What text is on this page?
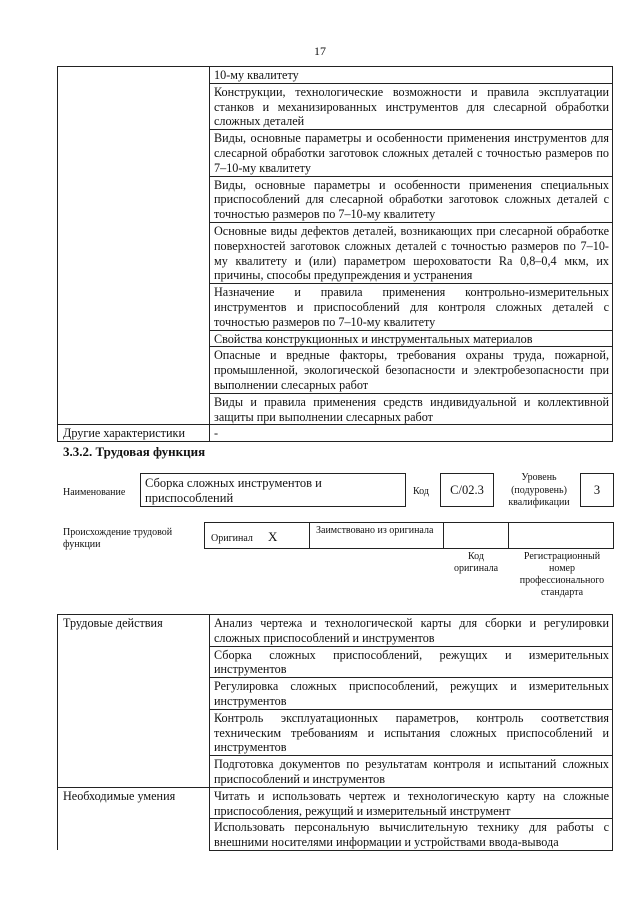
17
	10-му квалитету
	Конструкции, технологические возможности и правила эксплуатации станков и механизированных инструментов для слесарной обработки сложных деталей
	Виды, основные параметры и особенности применения инструментов для слесарной обработки заготовок сложных деталей с точностью размеров по 7–10-му квалитету
	Виды, основные параметры и особенности применения специальных приспособлений для слесарной обработки заготовок сложных деталей с точностью размеров по 7–10-му квалитету
	Основные виды дефектов деталей, возникающих при слесарной обработке поверхностей заготовок сложных деталей с точностью размеров по 7–10-му квалитету и (или) параметром шероховатости Ra 0,8–0,4 мкм, их причины, способы предупреждения и устранения
	Назначение и правила применения контрольно-измерительных инструментов и приспособлений для контроля сложных деталей с точностью размеров по 7–10-му квалитету
	Свойства конструкционных и инструментальных материалов
	Опасные и вредные факторы, требования охраны труда, пожарной, промышленной, экологической безопасности и электробезопасности при выполнении слесарных работ
	Виды и правила применения средств индивидуальной и коллективной защиты при выполнении слесарных работ
Другие характеристики	-
3.3.2. Трудовая функция
Наименование
Сборка сложных инструментов и приспособлений	Код	C/02.3
Уровень (подуровень) квалификации
3
Происхождение трудовой функции
Оригинал X	Заимствовано из оригинала
Код оригинала
Регистрационный номер профессионального стандарта
Трудовые действия	Анализ чертежа и технологической карты для сборки и регулировки сложных приспособлений и инструментов
	Сборка сложных приспособлений, режущих и измерительных инструментов
	Регулировка сложных приспособлений, режущих и измерительных инструментов
	Контроль эксплуатационных параметров, контроль соответствия техническим требованиям и испытания сложных приспособлений и инструментов
	Подготовка документов по результатам контроля и испытаний сложных приспособлений и инструментов
Необходимые умения	Читать и использовать чертеж и технологическую карту на сложные приспособления, режущий и измерительный инструмент
	Использовать персональную вычислительную технику для работы с внешними носителями информации и устройствами ввода-вывода
